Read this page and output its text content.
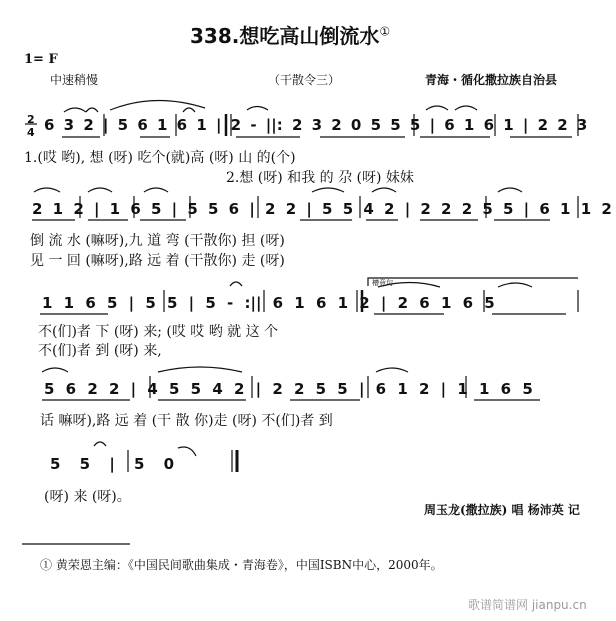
338.想吃高山倒流水①
1= F
中速稍慢	（干散令三）	青海・循化撒拉族自治县
2
4 6 3 2 | 5 6 1 6 1 | 2 - ||: 2 3 2 0 5 5 5 | 6 1 6 1 | 2 2 3
1.(哎 哟), 想 (呀) 吃个(就)高 (呀) 山 的(个)
2.想 (呀) 和我 的 尕 (呀) 妹妹
2 1 2 | 1 6 5 | 5 5 6 | 2 2 | 5 5 4 2 | 2 2 2 5 5 | 6 1 1 2
倒 流 水 (嘛呀),九 道 弯 (干散你) 担 (呀)
见 一 回 (嘛呀),路 远 着 (干散你) 走 (呀)
槽竟句
1 1 6 5 | 5 5 | 5 - :|| 6 1 6 1 2 | 2 6 1 6 5
不(们)者 下 (呀) 来; (哎 哎 哟 就 这 个
不(们)者 到 (呀) 来,
5 6 2 2 | 4 5 5 4 2 | 2 2 5 5 | 6 1 2 | 1 1 6 5
话 嘛呀),路 远 着 (干 散 你)走 (呀) 不(们)者 到
5 5 | 5 0
(呀) 来 (呀)。
周玉龙(撒拉族) 唱 杨沛英 记
① 黄荣恩主编：《中国民间歌曲集成・青海卷》，中国ISBN中心，2000年。
歌谱简谱网 jianpu.cn
